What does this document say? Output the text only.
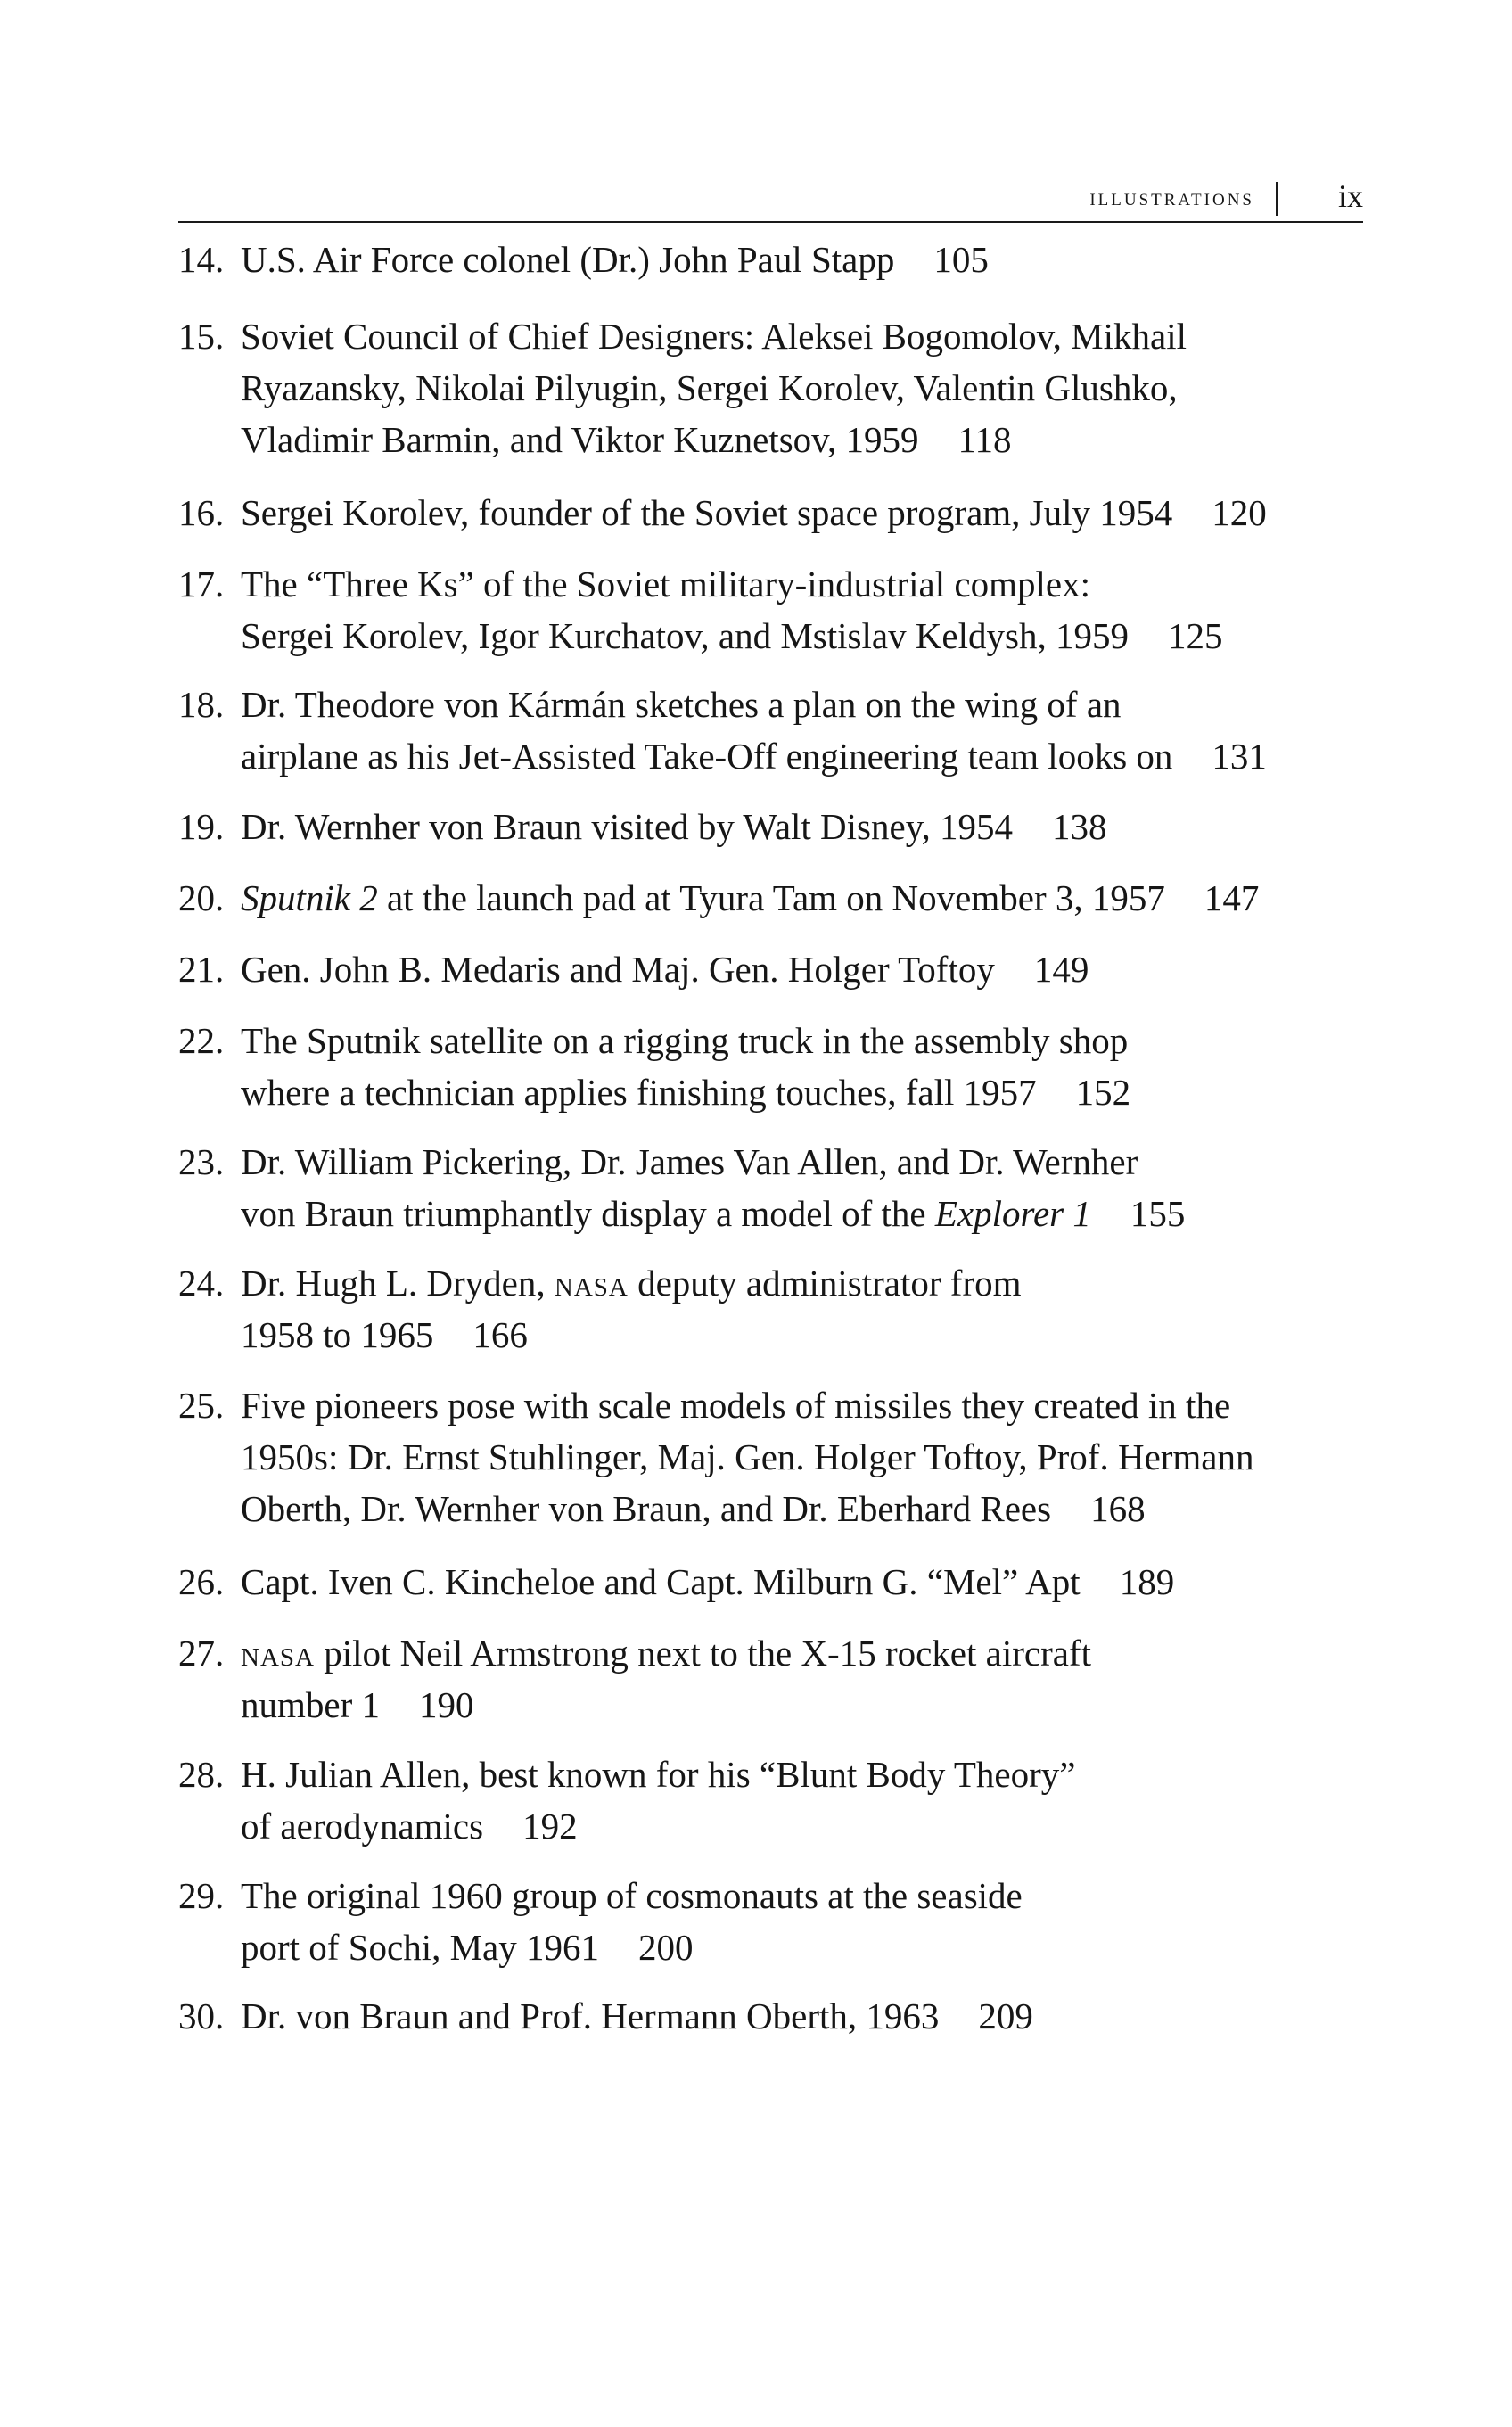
illustrations	ix
14. U.S. Air Force colonel (Dr.) John Paul Stapp 105
15. Soviet Council of Chief Designers: Aleksei Bogomolov, Mikhail
Ryazansky, Nikolai Pilyugin, Sergei Korolev, Valentin Glushko,
Vladimir Barmin, and Viktor Kuznetsov, 1959 118
16. Sergei Korolev, founder of the Soviet space program, July 1954 120
17. The “Three Ks” of the Soviet military-industrial complex:
Sergei Korolev, Igor Kurchatov, and Mstislav Keldysh, 1959 125
18. Dr. Theodore von Kármán sketches a plan on the wing of an
airplane as his Jet-Assisted Take-Off engineering team looks on 131
19. Dr. Wernher von Braun visited by Walt Disney, 1954 138
20. Sputnik 2 at the launch pad at Tyura Tam on November 3, 1957 147
21. Gen. John B. Medaris and Maj. Gen. Holger Toftoy 149
22. The Sputnik satellite on a rigging truck in the assembly shop
where a technician applies finishing touches, fall 1957 152
23. Dr. William Pickering, Dr. James Van Allen, and Dr. Wernher
von Braun triumphantly display a model of the Explorer 1 155
24. Dr. Hugh L. Dryden, nasa deputy administrator from
1958 to 1965 166
25. Five pioneers pose with scale models of missiles they created in the
1950s: Dr. Ernst Stuhlinger, Maj. Gen. Holger Toftoy, Prof. Hermann
Oberth, Dr. Wernher von Braun, and Dr. Eberhard Rees 168
26. Capt. Iven C. Kincheloe and Capt. Milburn G. “Mel” Apt 189
27. nasa pilot Neil Armstrong next to the X-15 rocket aircraft
number 1 190
28. H. Julian Allen, best known for his “Blunt Body Theory”
of aerodynamics 192
29. The original 1960 group of cosmonauts at the seaside
port of Sochi, May 1961 200
30. Dr. von Braun and Prof. Hermann Oberth, 1963 209
